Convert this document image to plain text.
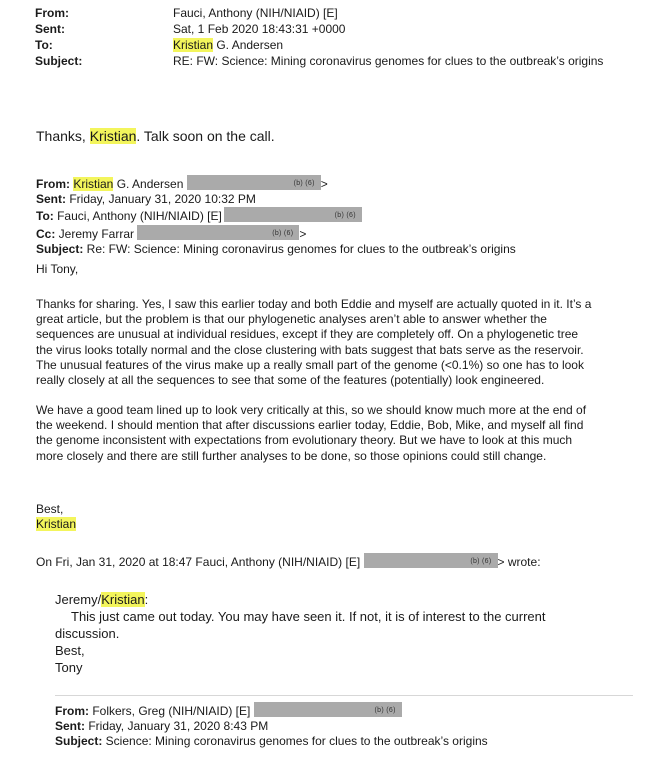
From:	Fauci, Anthony (NIH/NIAID) [E]
Sent:	Sat, 1 Feb 2020 18:43:31 +0000
To:	Kristian G. Andersen
Subject:	RE: FW: Science: Mining coronavirus genomes for clues to the outbreak’s origins
Thanks, Kristian. Talk soon on the call.
From: Kristian G. Andersen	(b) (6) >
Sent: Friday, January 31, 2020 10:32 PM
To: Fauci, Anthony (NIH/NIAID) [E]	(b) (6)
Cc: Jeremy Farrar	(b) (6) >
Subject: Re: FW: Science: Mining coronavirus genomes for clues to the outbreak’s origins
Hi Tony,
Thanks for sharing. Yes, I saw this earlier today and both Eddie and myself are actually quoted in it. It’s a
great article, but the problem is that our phylogenetic analyses aren’t able to answer whether the
sequences are unusual at individual residues, except if they are completely off. On a phylogenetic tree
the virus looks totally normal and the close clustering with bats suggest that bats serve as the reservoir.
The unusual features of the virus make up a really small part of the genome (<0.1%) so one has to look
really closely at all the sequences to see that some of the features (potentially) look engineered.
We have a good team lined up to look very critically at this, so we should know much more at the end of
the weekend. I should mention that after discussions earlier today, Eddie, Bob, Mike, and myself all find
the genome inconsistent with expectations from evolutionary theory. But we have to look at this much
more closely and there are still further analyses to be done, so those opinions could still change.
Best,
Kristian
On Fri, Jan 31, 2020 at 18:47 Fauci, Anthony (NIH/NIAID) [E]	(b) (6) > wrote:
Jeremy/Kristian:
This just came out today. You may have seen it. If not, it is of interest to the current
discussion.
Best,
Tony
From: Folkers, Greg (NIH/NIAID) [E]	(b) (6)
Sent: Friday, January 31, 2020 8:43 PM
Subject: Science: Mining coronavirus genomes for clues to the outbreak’s origins
